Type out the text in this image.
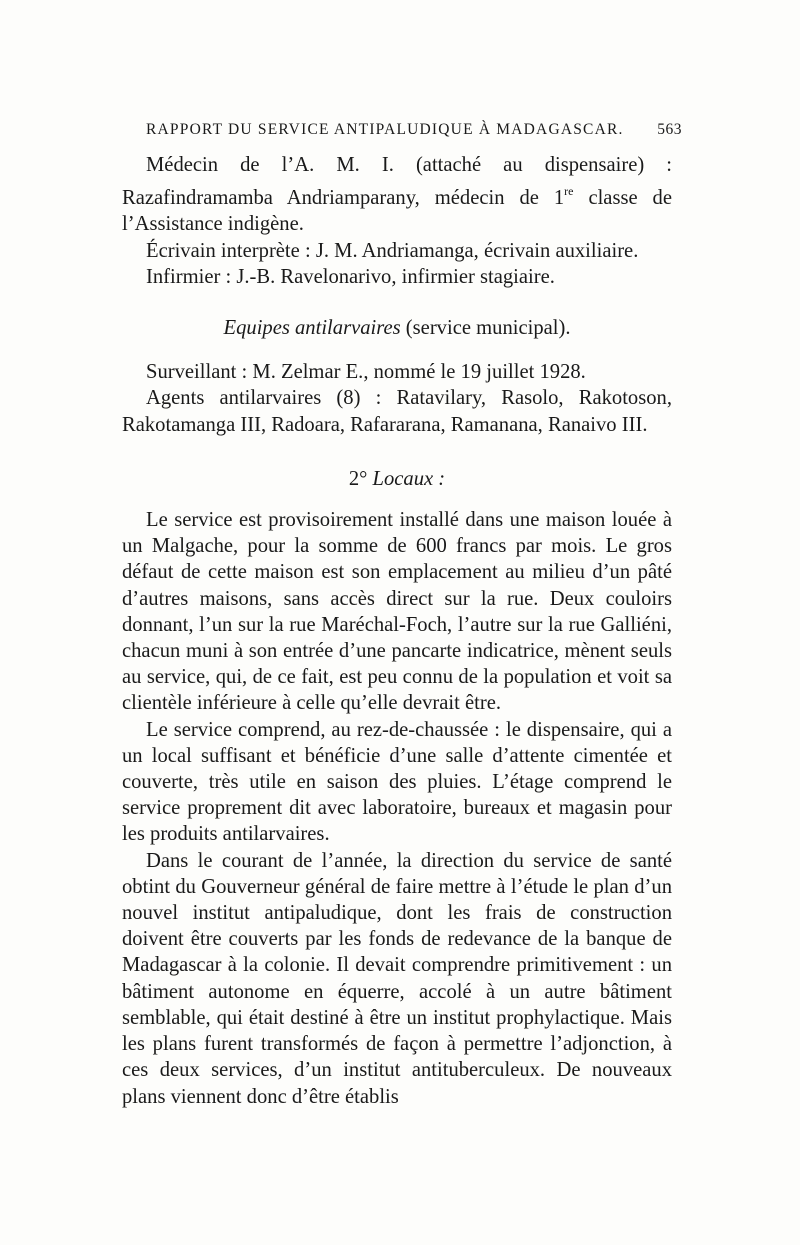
RAPPORT DU SERVICE ANTIPALUDIQUE À MADAGASCAR. 563

Médecin de l’A. M. I. (attaché au dispensaire) : Razafindramamba Andriamparany, médecin de 1re classe de l’Assistance indigène.

Écrivain interprète : J. M. Andriamanga, écrivain auxiliaire.

Infirmier : J.-B. Ravelonarivo, infirmier stagiaire.

Equipes antilarvaires (service municipal).

Surveillant : M. Zelmar E., nommé le 19 juillet 1928.

Agents antilarvaires (8) : Ratavilary, Rasolo, Rakotoson, Rakotamanga III, Radoara, Rafararana, Ramanana, Ranaivo III.

2° Locaux :

Le service est provisoirement installé dans une maison louée à un Malgache, pour la somme de 600 francs par mois. Le gros défaut de cette maison est son emplacement au milieu d’un pâté d’autres maisons, sans accès direct sur la rue. Deux couloirs donnant, l’un sur la rue Maréchal-Foch, l’autre sur la rue Galliéni, chacun muni à son entrée d’une pancarte indicatrice, mènent seuls au service, qui, de ce fait, est peu connu de la population et voit sa clientèle inférieure à celle qu’elle devrait être.

Le service comprend, au rez-de-chaussée : le dispensaire, qui a un local suffisant et bénéficie d’une salle d’attente cimentée et couverte, très utile en saison des pluies. L’étage comprend le service proprement dit avec laboratoire, bureaux et magasin pour les produits antilarvaires.

Dans le courant de l’année, la direction du service de santé obtint du Gouverneur général de faire mettre à l’étude le plan d’un nouvel institut antipaludique, dont les frais de construction doivent être couverts par les fonds de redevance de la banque de Madagascar à la colonie. Il devait comprendre primitivement : un bâtiment autonome en équerre, accolé à un autre bâtiment semblable, qui était destiné à être un institut prophylactique. Mais les plans furent transformés de façon à permettre l’adjonction, à ces deux services, d’un institut antituberculeux. De nouveaux plans viennent donc d’être établis
